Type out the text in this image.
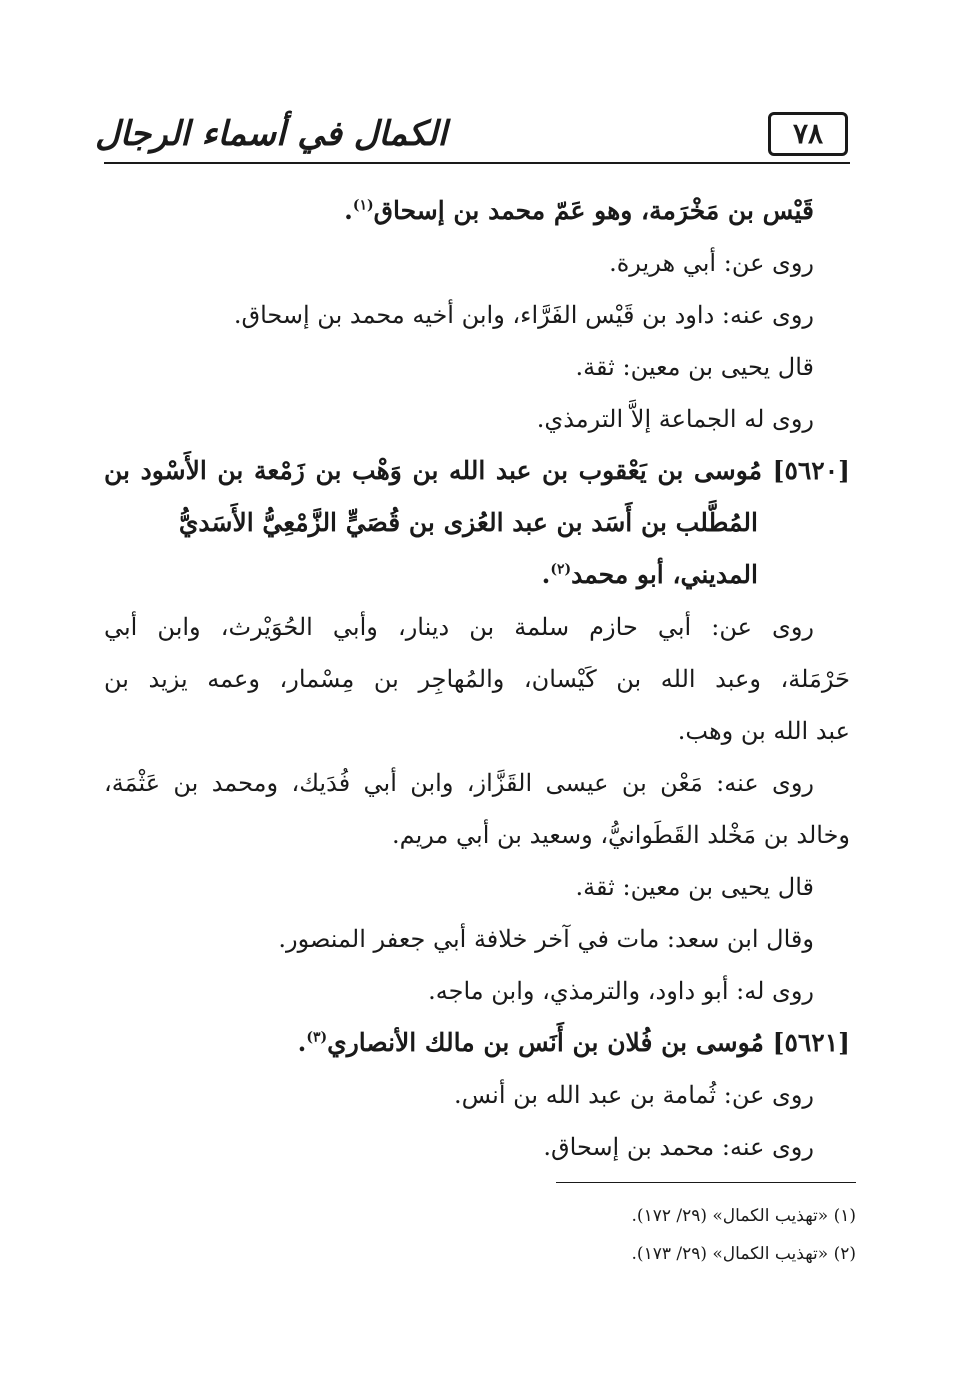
٧٨
الكمال في أسماء الرجال

قَيْس بن مَخْرَمة، وهو عَمّ محمد بن إسحاق$^{(١)}$.

روى عن: أبي هريرة.

روى عنه: داود بن قَيْس الفَرَّاء، وابن أخيه محمد بن إسحاق.

قال يحيى بن معين: ثقة.

روى له الجماعة إلاَّ الترمذي.

[٥٦٢٠] مُوسى بن يَعْقوب بن عبد الله بن وَهْب بن زَمْعة بن الأَسْود بن

المُطَّلب بن أَسَد بن عبد العُزى بن قُصَيٍّ الزَّمْعِيُّ الأَسَديُّ

المديني، أبو محمد$^{(٢)}$.

روى عن: أبي حازم سلمة بن دينار، وأبي الحُوَيْرث، وابن أبي

حَرْمَلة، وعبد الله بن كَيْسان، والمُهاجِر بن مِسْمار، وعمه يزيد بن

عبد الله بن وهب.

روى عنه: مَعْن بن عيسى القَزَّاز، وابن أبي فُدَيك، ومحمد بن عَثْمَة،

وخالد بن مَخْلد القَطَوانيُّ، وسعيد بن أبي مريم.

قال يحيى بن معين: ثقة.

وقال ابن سعد: مات في آخر خلافة أبي جعفر المنصور.

روى له: أبو داود، والترمذي، وابن ماجه.

[٥٦٢١] مُوسى بن فُلان بن أَنَس بن مالك الأنصاري$^{(٣)}$.

روى عن: ثُمامة بن عبد الله بن أنس.

روى عنه: محمد بن إسحاق.

(١) «تهذيب الكمال» (٢٩/ ١٧٢).

(٢) «تهذيب الكمال» (٢٩/ ١٧٣).
